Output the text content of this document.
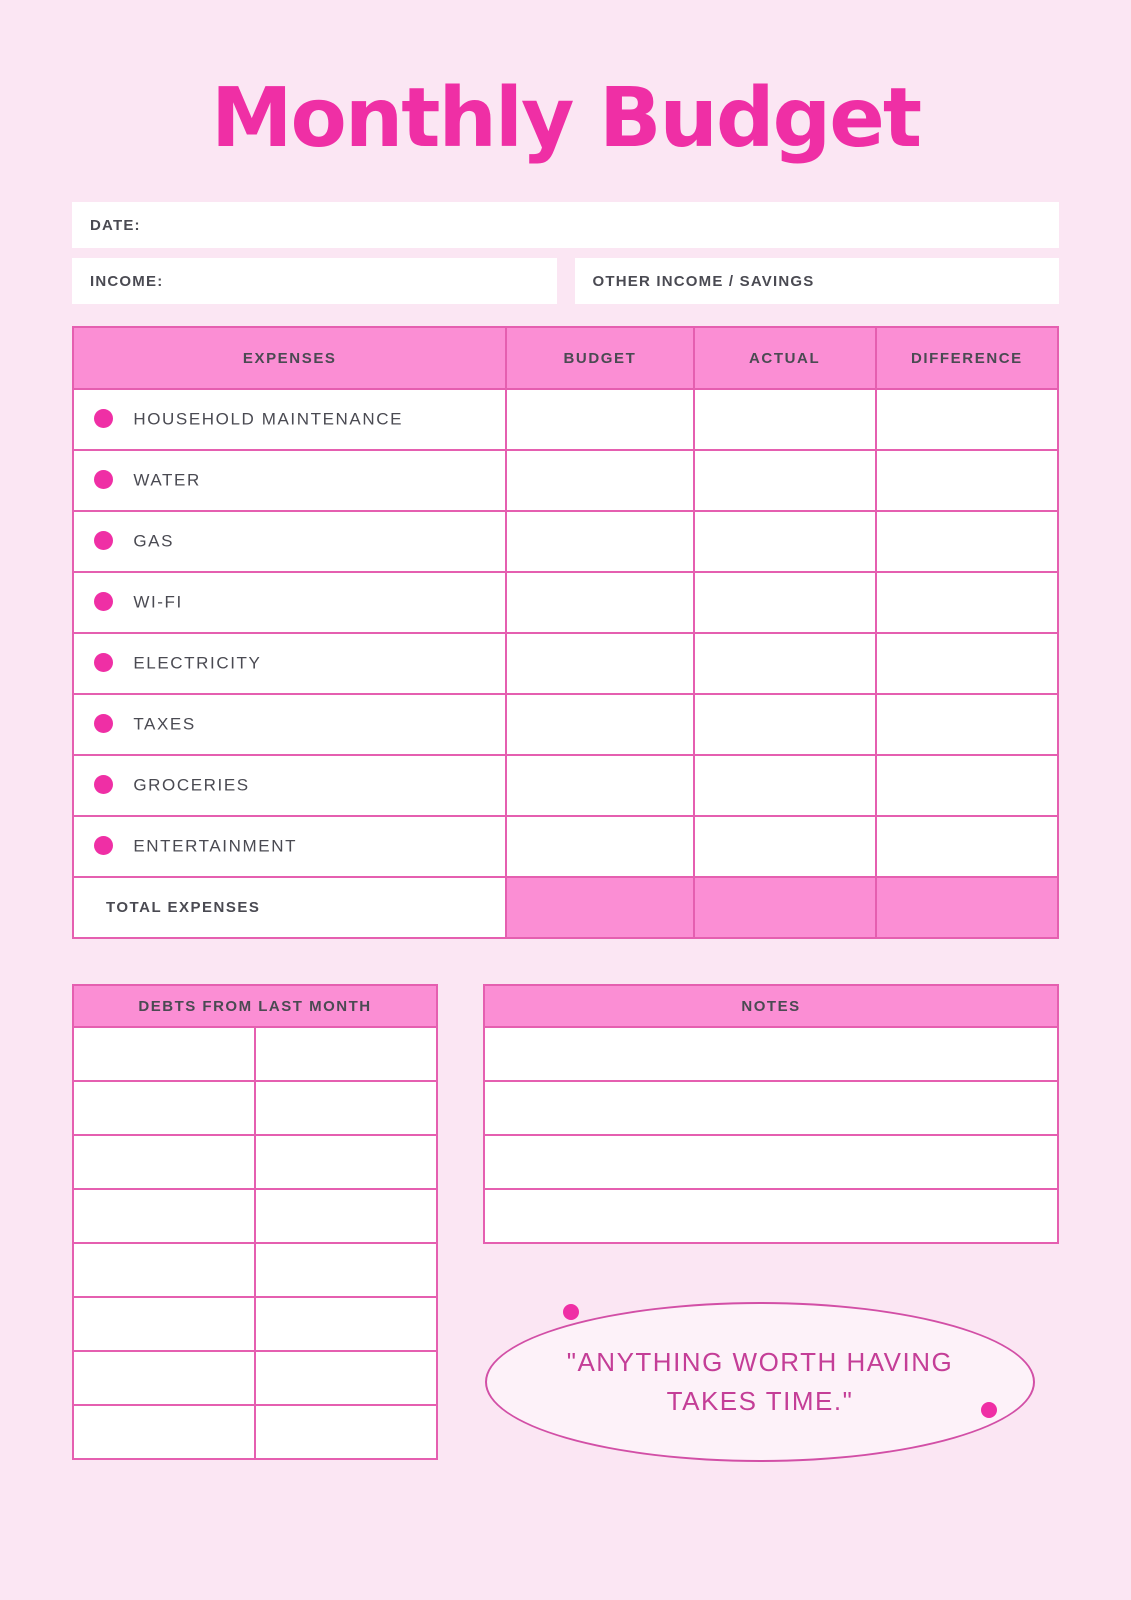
Monthly Budget
DATE:
INCOME:	OTHER INCOME / SAVINGS
EXPENSES	BUDGET	ACTUAL	DIFFERENCE
HOUSEHOLD MAINTENANCE			
WATER			
GAS			
WI-FI			
ELECTRICITY			
TAXES			
GROCERIES			
ENTERTAINMENT			
TOTAL EXPENSES			
DEBTS FROM LAST MONTH	

		NOTES

"ANYTHING WORTH HAVING TAKES TIME."
